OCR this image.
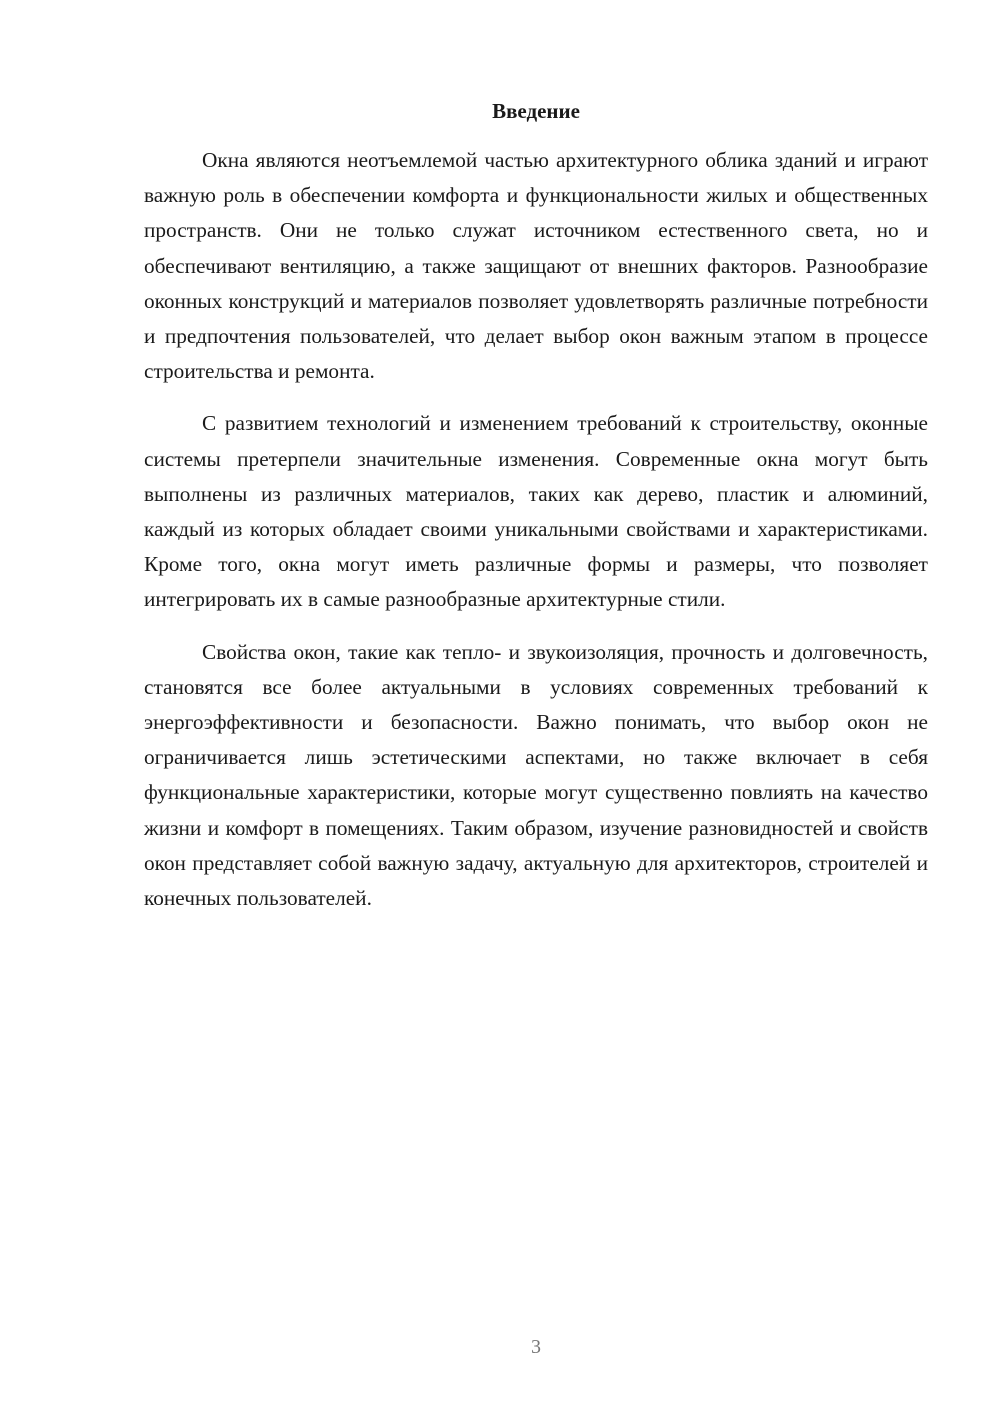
Введение

Окна являются неотъемлемой частью архитектурного облика зданий и играют важную роль в обеспечении комфорта и функциональности жилых и общественных пространств. Они не только служат источником естественного света, но и обеспечивают вентиляцию, а также защищают от внешних факторов. Разнообразие оконных конструкций и материалов позволяет удовлетворять различные потребности и предпочтения пользователей, что делает выбор окон важным этапом в процессе строительства и ремонта.

С развитием технологий и изменением требований к строительству, оконные системы претерпели значительные изменения. Современные окна могут быть выполнены из различных материалов, таких как дерево, пластик и алюминий, каждый из которых обладает своими уникальными свойствами и характеристиками. Кроме того, окна могут иметь различные формы и размеры, что позволяет интегрировать их в самые разнообразные архитектурные стили.

Свойства окон, такие как тепло- и звукоизоляция, прочность и долговечность, становятся все более актуальными в условиях современных требований к энергоэффективности и безопасности. Важно понимать, что выбор окон не ограничивается лишь эстетическими аспектами, но также включает в себя функциональные характеристики, которые могут существенно повлиять на качество жизни и комфорт в помещениях. Таким образом, изучение разновидностей и свойств окон представляет собой важную задачу, актуальную для архитекторов, строителей и конечных пользователей.

3
